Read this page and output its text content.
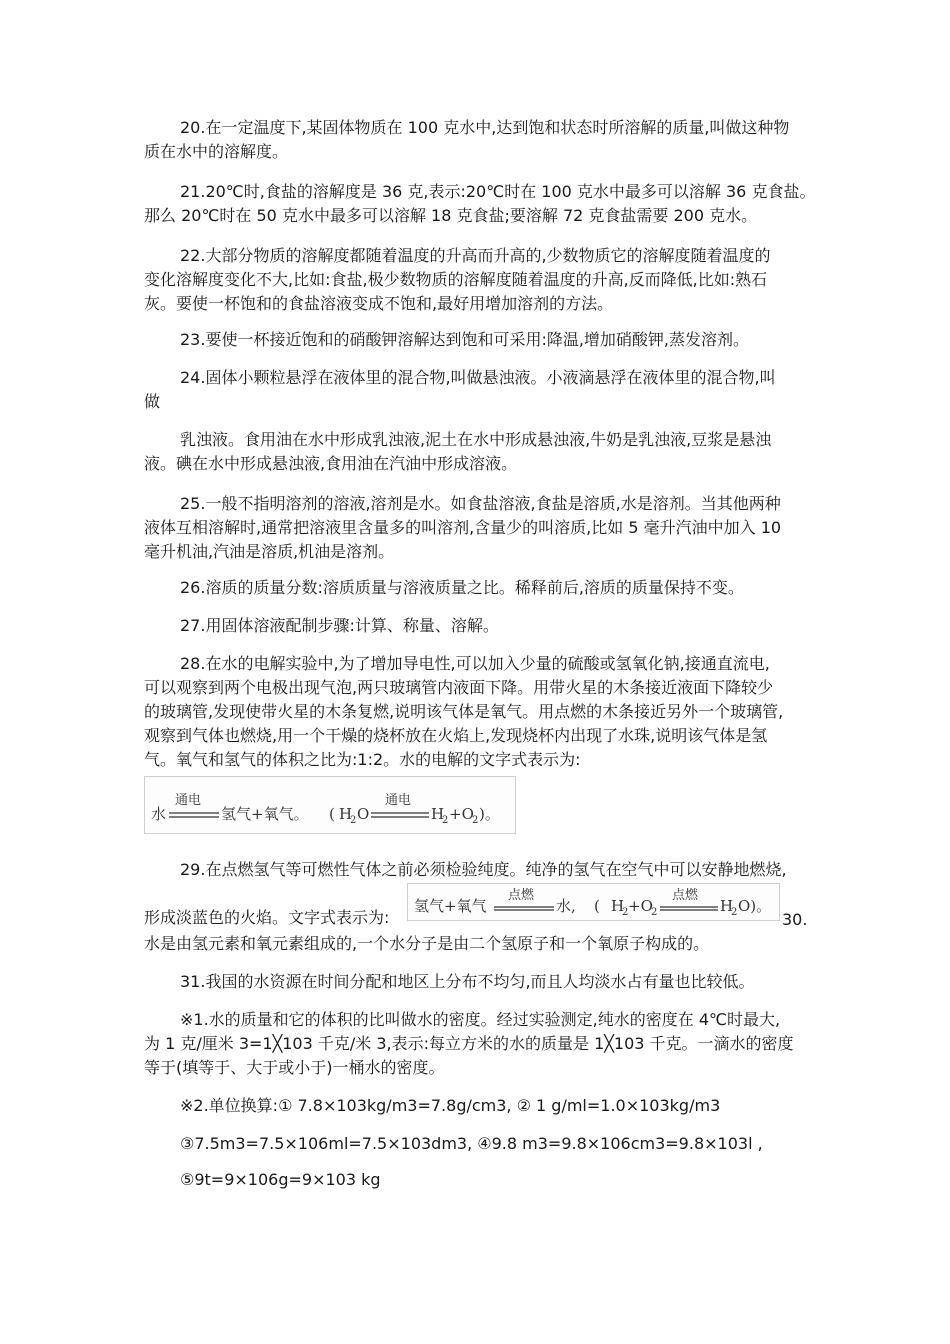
20.在一定温度下,某固体物质在 100 克水中,达到饱和状态时所溶解的质量,叫做这种物
质在水中的溶解度。
21.20℃时,食盐的溶解度是 36 克,表示:20℃时在 100 克水中最多可以溶解 36 克食盐。
那么 20℃时在 50 克水中最多可以溶解 18 克食盐;要溶解 72 克食盐需要 200 克水。
22.大部分物质的溶解度都随着温度的升高而升高的,少数物质它的溶解度随着温度的
变化溶解度变化不大,比如:食盐,极少数物质的溶解度随着温度的升高,反而降低,比如:熟石
灰。要使一杯饱和的食盐溶液变成不饱和,最好用增加溶剂的方法。
23.要使一杯接近饱和的硝酸钾溶解达到饱和可采用:降温,增加硝酸钾,蒸发溶剂。
24.固体小颗粒悬浮在液体里的混合物,叫做悬浊液。小液滴悬浮在液体里的混合物,叫
做
乳浊液。食用油在水中形成乳浊液,泥土在水中形成悬浊液,牛奶是乳浊液,豆浆是悬浊
液。碘在水中形成悬浊液,食用油在汽油中形成溶液。
25.一般不指明溶剂的溶液,溶剂是水。如食盐溶液,食盐是溶质,水是溶剂。当其他两种
液体互相溶解时,通常把溶液里含量多的叫溶剂,含量少的叫溶质,比如 5 毫升汽油中加入 10
毫升机油,汽油是溶质,机油是溶剂。
26.溶质的质量分数:溶质质量与溶液质量之比。稀释前后,溶质的质量保持不变。
27.用固体溶液配制步骤:计算、称量、溶解。
28.在水的电解实验中,为了增加导电性,可以加入少量的硫酸或氢氧化钠,接通直流电,
可以观察到两个电极出现气泡,两只玻璃管内液面下降。用带火星的木条接近液面下降较少
的玻璃管,发现使带火星的木条复燃,说明该气体是氧气。用点燃的木条接近另外一个玻璃管,
观察到气体也燃烧,用一个干燥的烧杯放在火焰上,发现烧杯内出现了水珠,说明该气体是氢
气。氧气和氢气的体积之比为:1:2。水的电解的文字式表示为:
水
通电
氢气+氧气。 ( H
2 O
通电
H
2 +O
2 )。
29.在点燃氢气等可燃性气体之前必须检验纯度。纯净的氢气在空气中可以安静地燃烧,
形成淡蓝色的火焰。文字式表示为:
氢气+氧气
点燃
水, ( H
2 +O
2
点燃
H
2 O)。
30.
水是由氢元素和氧元素组成的,一个水分子是由二个氢原子和一个氧原子构成的。
31.我国的水资源在时间分配和地区上分布不均匀,而且人均淡水占有量也比较低。
※1.水的质量和它的体积的比叫做水的密度。经过实验测定,纯水的密度在 4℃时最大,
为 1 克/厘米 3=1╳103 千克/米 3,表示:每立方米的水的质量是 1╳103 千克。一滴水的密度
等于(填等于、大于或小于)一桶水的密度。
※2.单位换算:① 7.8×103kg/m3=7.8g/cm3, ② 1 g/ml=1.0×103kg/m3
③7.5m3=7.5×106ml=7.5×103dm3, ④9.8 m3=9.8×106cm3=9.8×103l ,
⑤9t=9×106g=9×103 kg
